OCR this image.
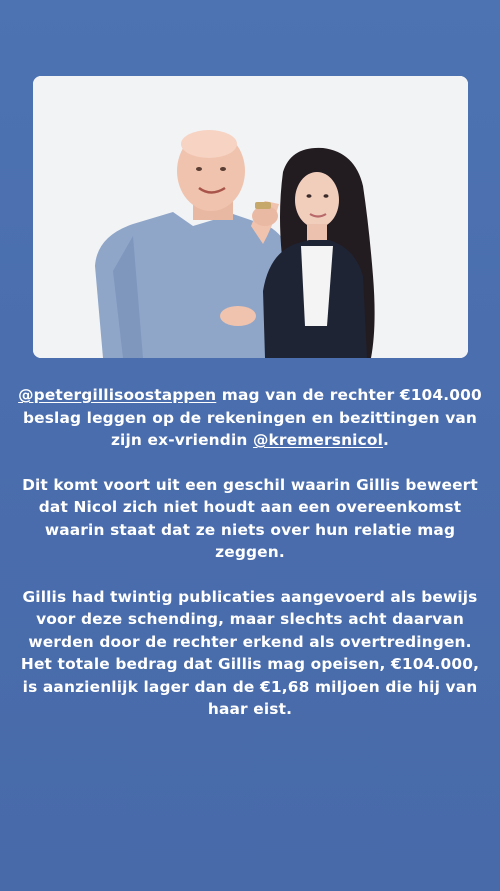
@petergillisoostappen mag van de rechter €104.000 beslag leggen op de rekeningen en bezittingen van zijn ex-vriendin @kremersnicol.

Dit komt voort uit een geschil waarin Gillis beweert dat Nicol zich niet houdt aan een overeenkomst waarin staat dat ze niets over hun relatie mag zeggen.

Gillis had twintig publicaties aangevoerd als bewijs voor deze schending, maar slechts acht daarvan werden door de rechter erkend als overtredingen. Het totale bedrag dat Gillis mag opeisen, €104.000, is aanzienlijk lager dan de €1,68 miljoen die hij van haar eist.
